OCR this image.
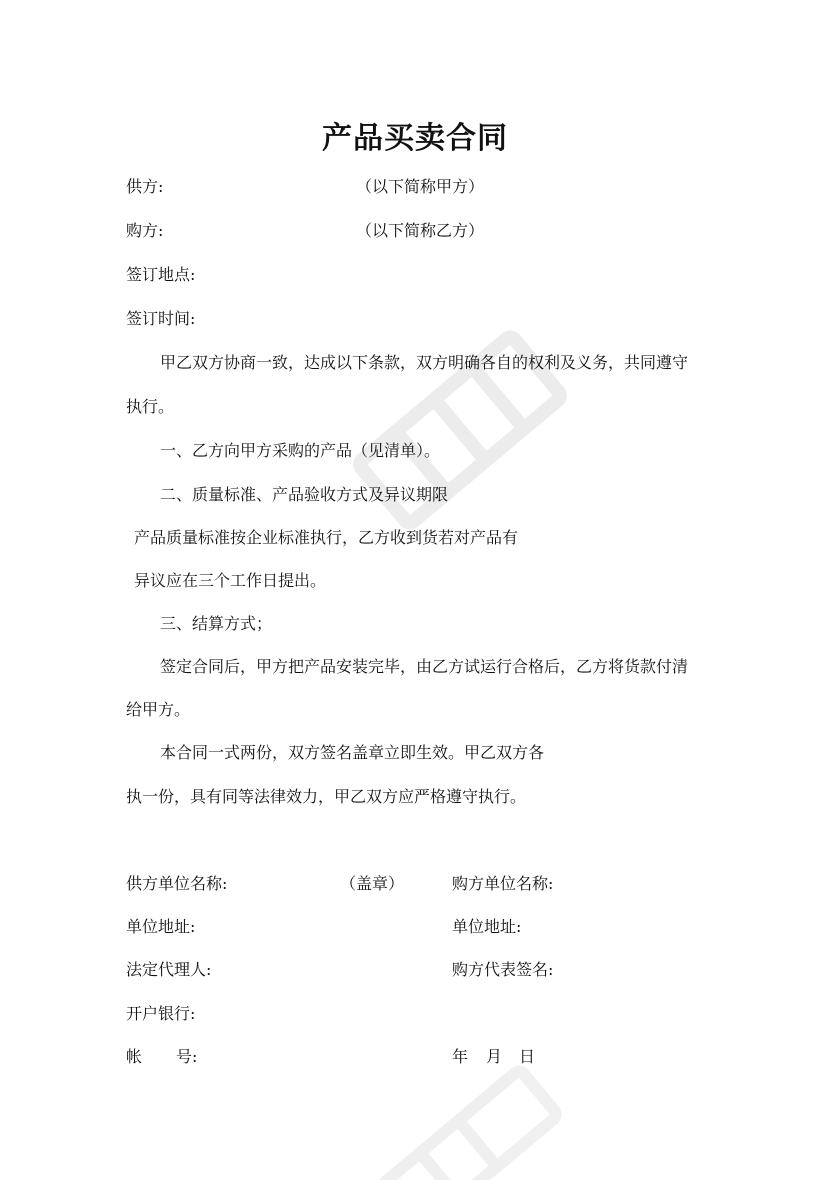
产品买卖合同
供方:	（以下简称甲方）
购方:	（以下简称乙方）
签订地点:
签订时间:
甲乙双方协商一致，达成以下条款，双方明确各自的权利及义务，共同遵守
执行。
一、乙方向甲方采购的产品（见清单）。
二、质量标准、产品验收方式及异议期限
产品质量标准按企业标准执行，乙方收到货若对产品有
异议应在三个工作日提出。
三、结算方式；
签定合同后，甲方把产品安装完毕，由乙方试运行合格后，乙方将货款付清
给甲方。
本合同一式两份，双方签名盖章立即生效。甲乙双方各
执一份，具有同等法律效力，甲乙双方应严格遵守执行。
供方单位名称:	（盖章）	购方单位名称:
单位地址:	单位地址:
法定代理人:	购方代表签名:
开户银行:
帐 号:	年 月 日
